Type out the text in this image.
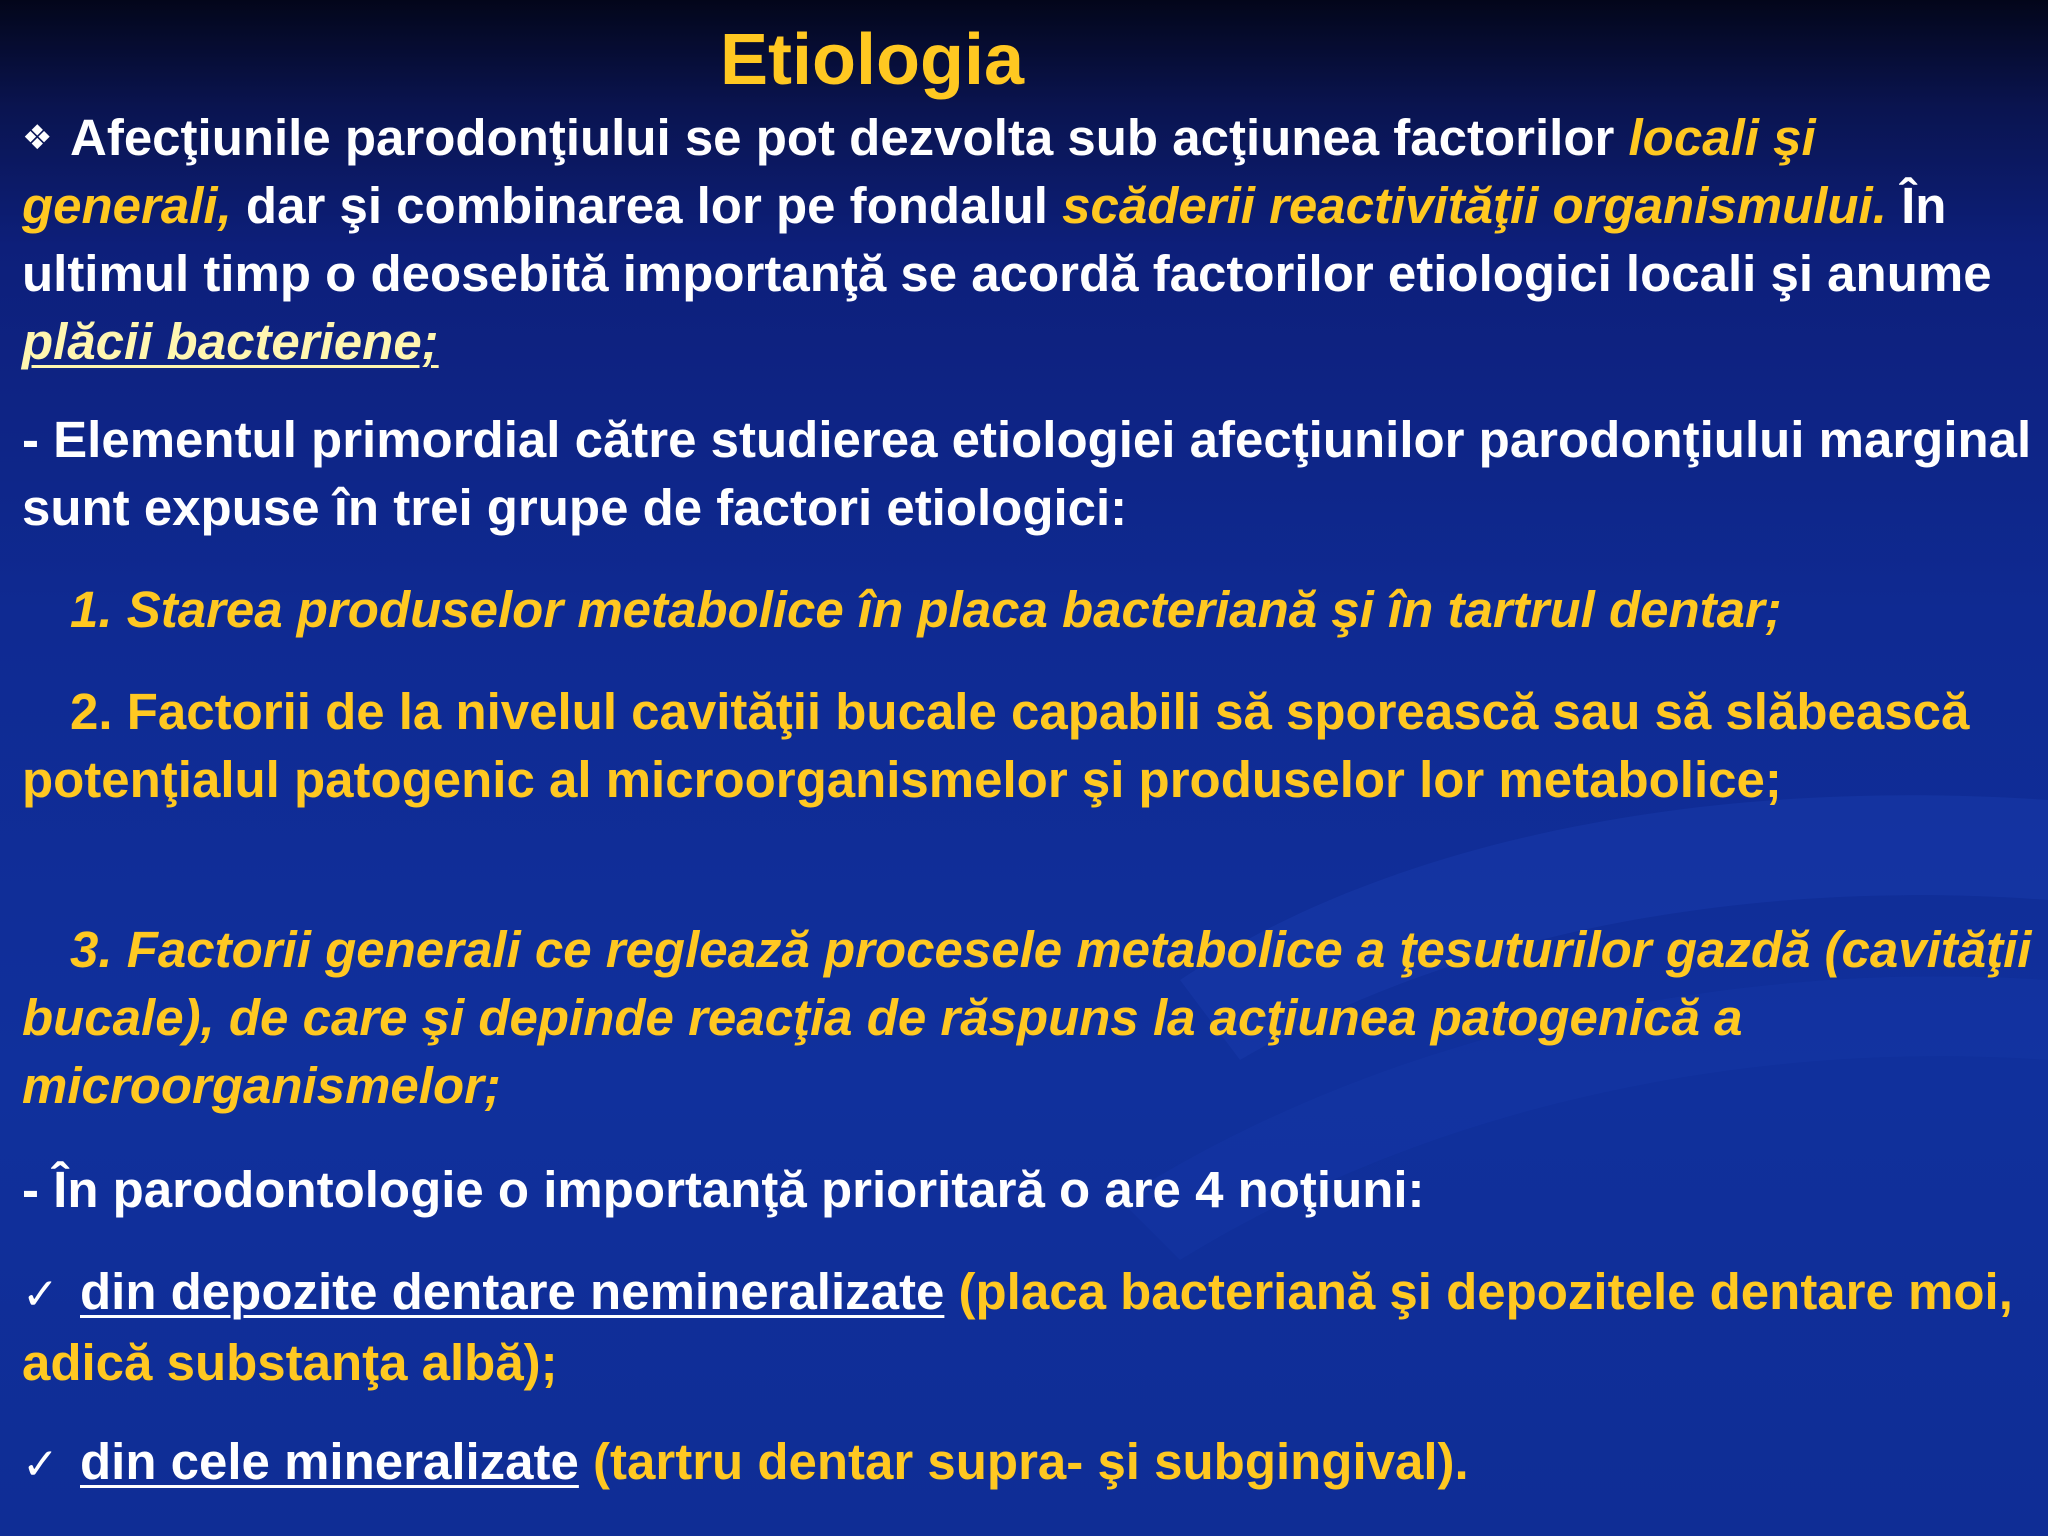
Etiologia

❖ Afecţiunile parodonţiului se pot dezvolta sub acţiunea factorilor locali şi generali, dar şi combinarea lor pe fondalul scăderii reactivităţii organismului. În ultimul timp o deosebită importanţă se acordă factorilor etiologici locali şi anume plăcii bacteriene;

- Elementul primordial către studierea etiologiei afecţiunilor parodonţiului marginal sunt expuse în trei grupe de factori etiologici:

1. Starea produselor metabolice în placa bacteriană şi în tartrul dentar;

2. Factorii de la nivelul cavităţii bucale capabili să sporească sau să slăbească potenţialul patogenic al microorganismelor şi produselor lor metabolice;

3. Factorii generali ce reglează procesele metabolice a ţesuturilor gazdă (cavităţii bucale), de care şi depinde reacţia de răspuns la acţiunea patogenică a microorganismelor;

- În parodontologie o importanţă prioritară o are 4 noţiuni:

✓ din depozite dentare nemineralizate (placa bacteriană şi depozitele dentare moi, adică substanţa albă);

✓ din cele mineralizate (tartru dentar supra- şi subgingival).
